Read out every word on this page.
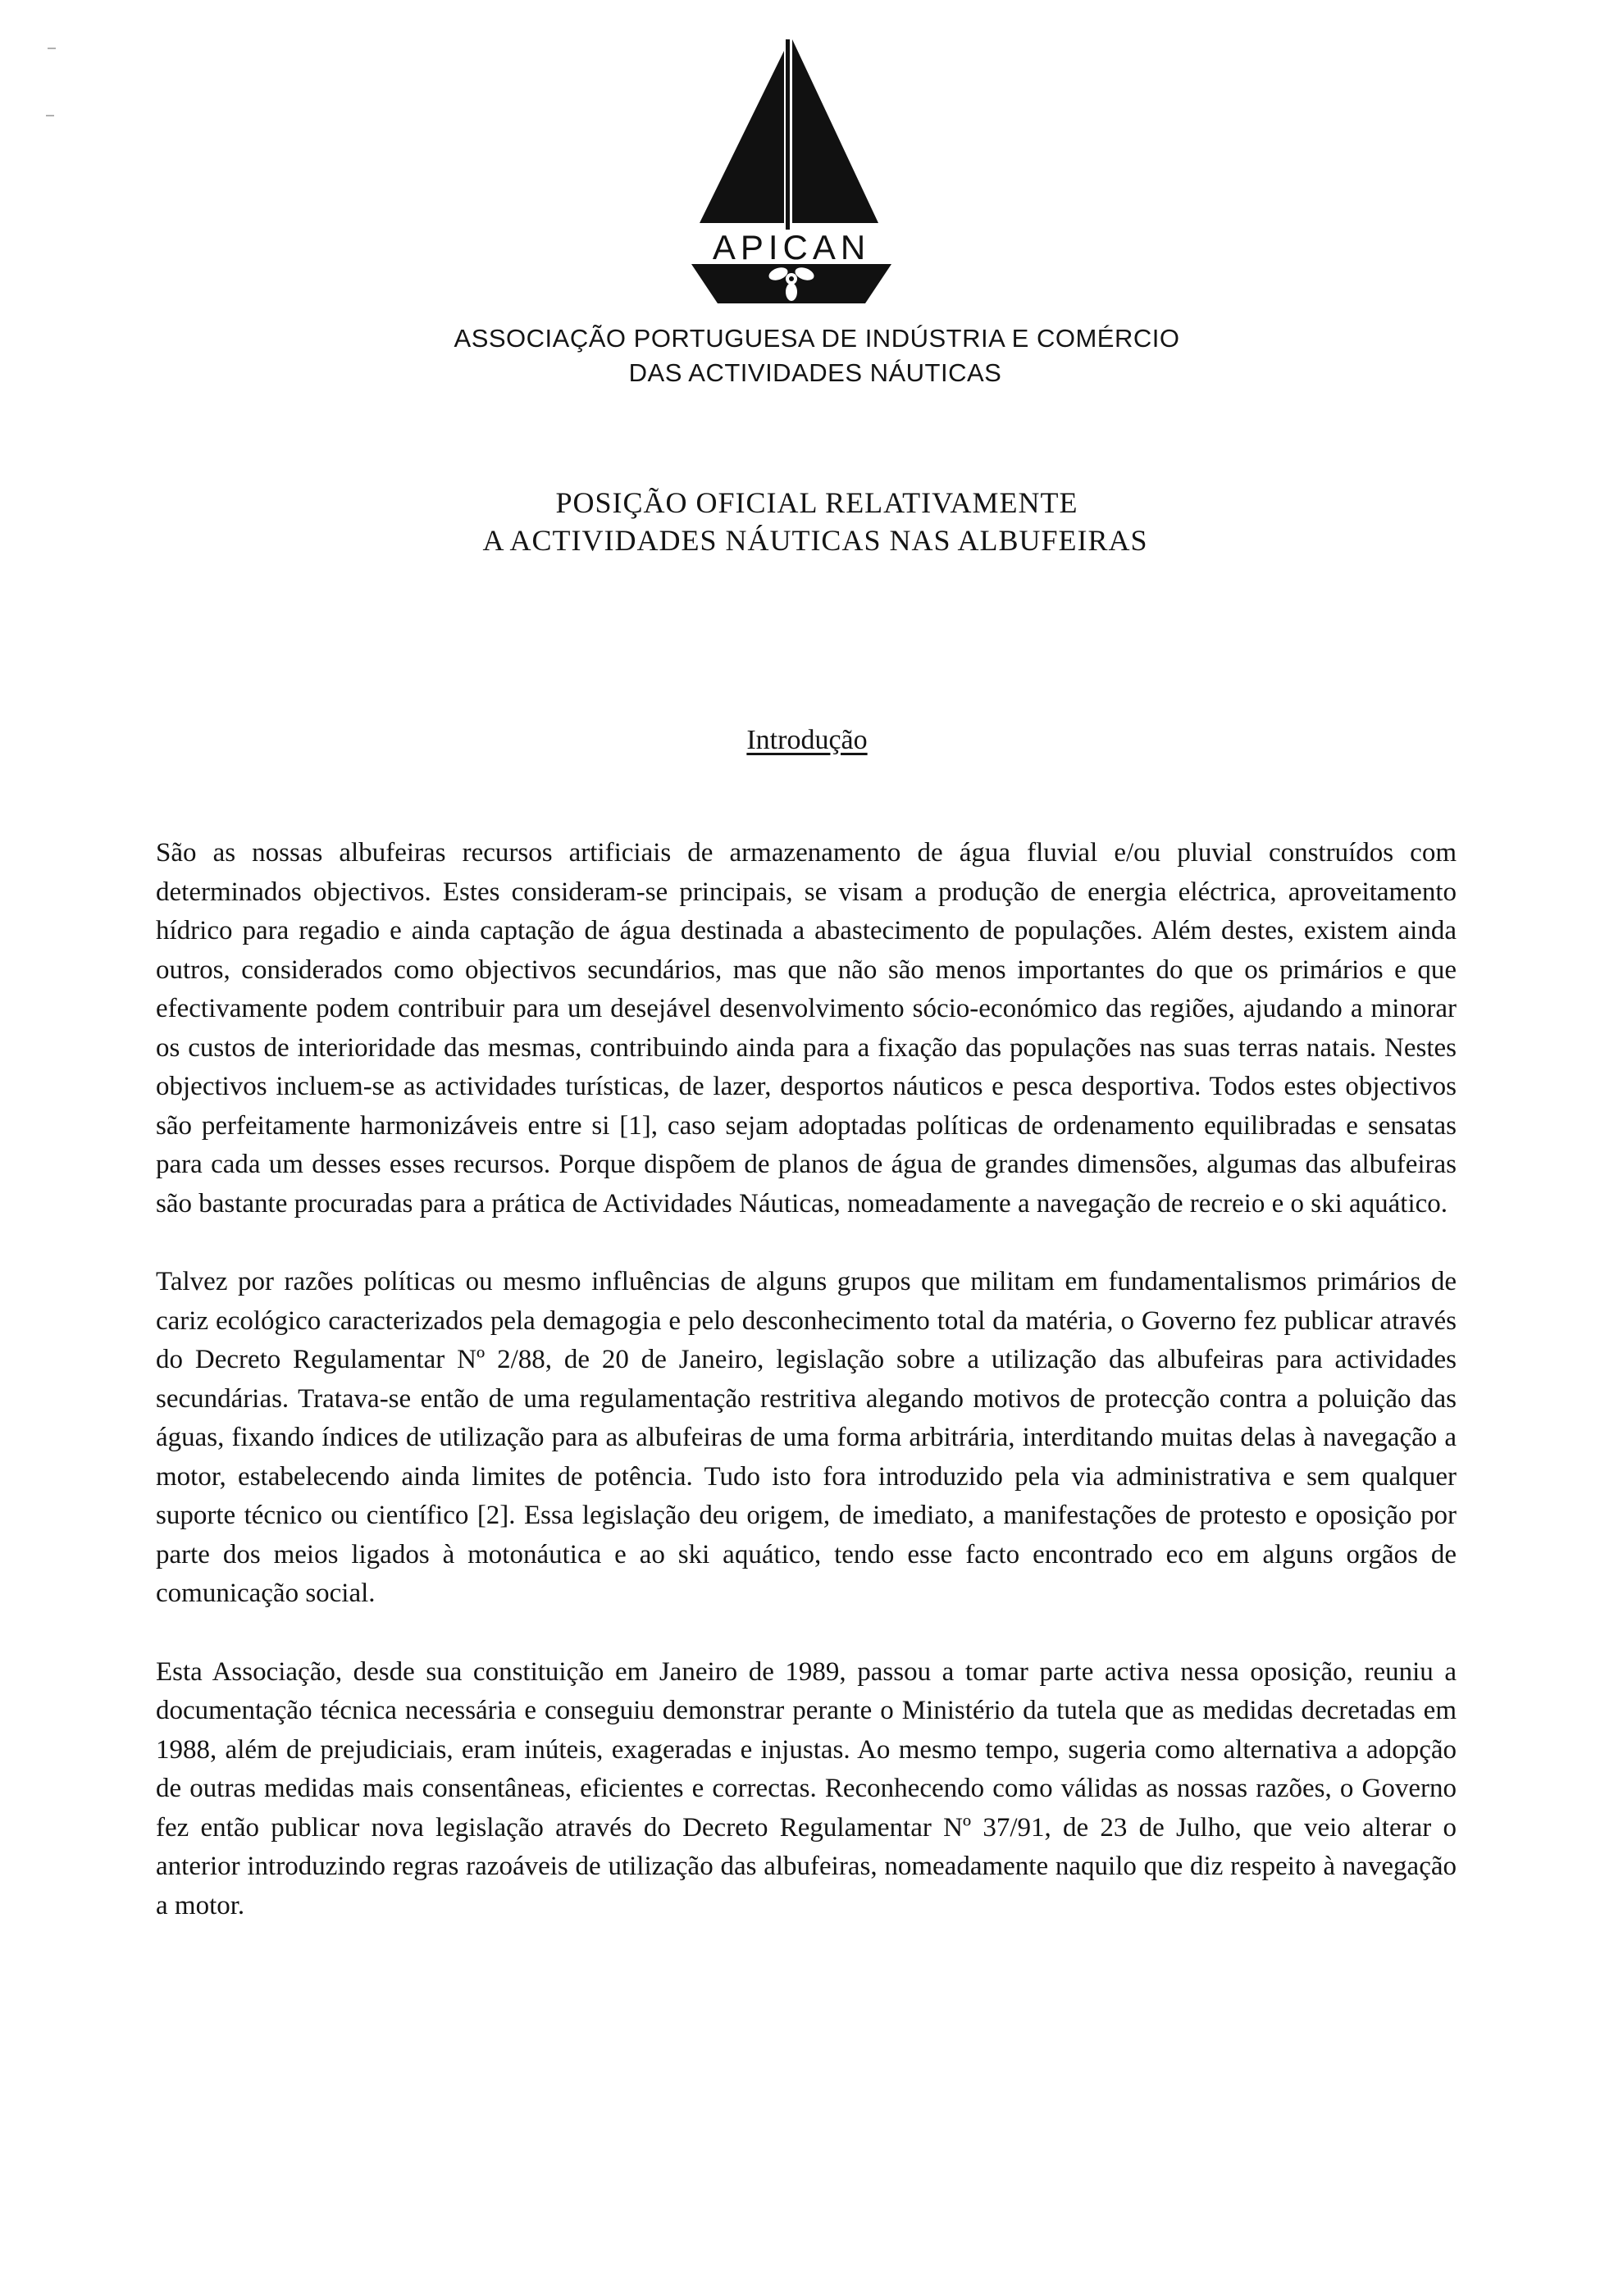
APICAN
ASSOCIAÇÃO PORTUGUESA DE INDÚSTRIA E COMÉRCIO
DAS ACTIVIDADES NÁUTICAS
POSIÇÃO OFICIAL RELATIVAMENTE
A ACTIVIDADES NÁUTICAS NAS ALBUFEIRAS
Introdução

São as nossas albufeiras recursos artificiais de armazenamento de água fluvial e/ou pluvial construídos com determinados objectivos. Estes consideram-se principais, se visam a produção de energia eléctrica, aproveitamento hídrico para regadio e ainda captação de água destinada a abastecimento de populações. Além destes, existem ainda outros, considerados como objectivos secundários, mas que não são menos importantes do que os primários e que efectivamente podem contribuir para um desejável desenvolvimento sócio-económico das regiões, ajudando a minorar os custos de interioridade das mesmas, contribuindo ainda para a fixação das populações nas suas terras natais. Nestes objectivos incluem-se as actividades turísticas, de lazer, desportos náuticos e pesca desportiva. Todos estes objectivos são perfeitamente harmonizáveis entre si [1], caso sejam adoptadas políticas de ordenamento equilibradas e sensatas para cada um desses esses recursos. Porque dispõem de planos de água de grandes dimensões, algumas das albufeiras são bastante procuradas para a prática de Actividades Náuticas, nomeadamente a navegação de recreio e o ski aquático.

Talvez por razões políticas ou mesmo influências de alguns grupos que militam em fundamentalismos primários de cariz ecológico caracterizados pela demagogia e pelo desconhecimento total da matéria, o Governo fez publicar através do Decreto Regulamentar Nº 2/88, de 20 de Janeiro, legislação sobre a utilização das albufeiras para actividades secundárias. Tratava-se então de uma regulamentação restritiva alegando motivos de protecção contra a poluição das águas, fixando índices de utilização para as albufeiras de uma forma arbitrária, interditando muitas delas à navegação a motor, estabelecendo ainda limites de potência. Tudo isto fora introduzido pela via administrativa e sem qualquer suporte técnico ou científico [2]. Essa legislação deu origem, de imediato, a manifestações de protesto e oposição por parte dos meios ligados à motonáutica e ao ski aquático, tendo esse facto encontrado eco em alguns orgãos de comunicação social.

Esta Associação, desde sua constituição em Janeiro de 1989, passou a tomar parte activa nessa oposição, reuniu a documentação técnica necessária e conseguiu demonstrar perante o Ministério da tutela que as medidas decretadas em 1988, além de prejudiciais, eram inúteis, exageradas e injustas. Ao mesmo tempo, sugeria como alternativa a adopção de outras medidas mais consentâneas, eficientes e correctas. Reconhecendo como válidas as nossas razões, o Governo fez então publicar nova legislação através do Decreto Regulamentar Nº 37/91, de 23 de Julho, que veio alterar o anterior introduzindo regras razoáveis de utilização das albufeiras, nomeadamente naquilo que diz respeito à navegação a motor.
